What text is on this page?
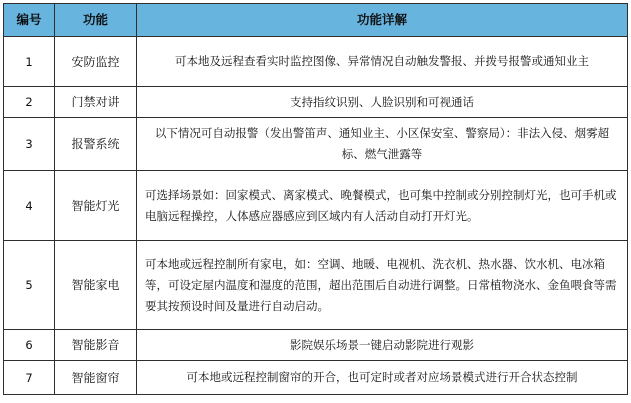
编号	功能	功能详解
1	安防监控	可本地及远程查看实时监控图像、异常情况自动触发警报、并拨号报警或通知业主
2	门禁对讲	支持指纹识别、人脸识别和可视通话
3	报警系统	以下情况可自动报警（发出警笛声、通知业主、小区保安室、警察局）：非法入侵、烟雾超标、燃气泄露等
4	智能灯光	可选择场景如：回家模式、离家模式、晚餐模式，也可集中控制或分别控制灯光，也可手机或电脑远程操控，人体感应器感应到区域内有人活动自动打开灯光。
5	智能家电	可本地或远程控制所有家电，如：空调、地暖、电视机、洗衣机、热水器、饮水机、电冰箱等，可设定屋内温度和湿度的范围，超出范围后自动进行调整。日常植物浇水、金鱼喂食等需要其按预设时间及量进行自动启动。
6	智能影音	影院娱乐场景一键启动影院进行观影
7	智能窗帘	可本地或远程控制窗帘的开合，也可定时或者对应场景模式进行开合状态控制
